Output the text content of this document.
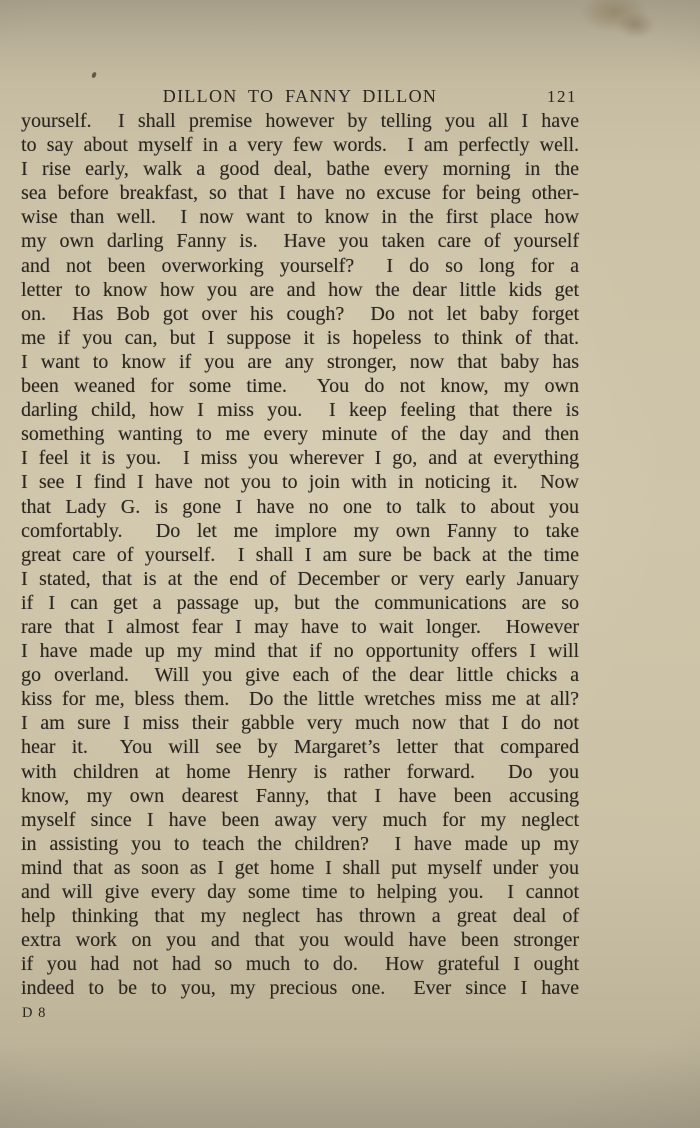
DILLON TO FANNY DILLON	121
yourself.  I shall premise however by telling you all I have
to say about myself in a very few words.  I am perfectly well.
I rise early, walk a good deal, bathe every morning in the
sea before breakfast, so that I have no excuse for being other-
wise than well.  I now want to know in the first place how
my own darling Fanny is.  Have you taken care of yourself
and not been overworking yourself?  I do so long for a
letter to know how you are and how the dear little kids get
on.  Has Bob got over his cough?  Do not let baby forget
me if you can, but I suppose it is hopeless to think of that.
I want to know if you are any stronger, now that baby has
been weaned for some time.  You do not know, my own
darling child, how I miss you.  I keep feeling that there is
something wanting to me every minute of the day and then
I feel it is you.  I miss you wherever I go, and at everything
I see I find I have not you to join with in noticing it.  Now
that Lady G. is gone I have no one to talk to about you
comfortably.  Do let me implore my own Fanny to take
great care of yourself.  I shall I am sure be back at the time
I stated, that is at the end of December or very early January
if I can get a passage up, but the communications are so
rare that I almost fear I may have to wait longer.  However
I have made up my mind that if no opportunity offers I will
go overland.  Will you give each of the dear little chicks a
kiss for me, bless them.  Do the little wretches miss me at all?
I am sure I miss their gabble very much now that I do not
hear it.  You will see by Margaret’s letter that compared
with children at home Henry is rather forward.  Do you
know, my own dearest Fanny, that I have been accusing
myself since I have been away very much for my neglect
in assisting you to teach the children?  I have made up my
mind that as soon as I get home I shall put myself under you
and will give every day some time to helping you.  I cannot
help thinking that my neglect has thrown a great deal of
extra work on you and that you would have been stronger
if you had not had so much to do.  How grateful I ought
indeed to be to you, my precious one.  Ever since I have
D 8
